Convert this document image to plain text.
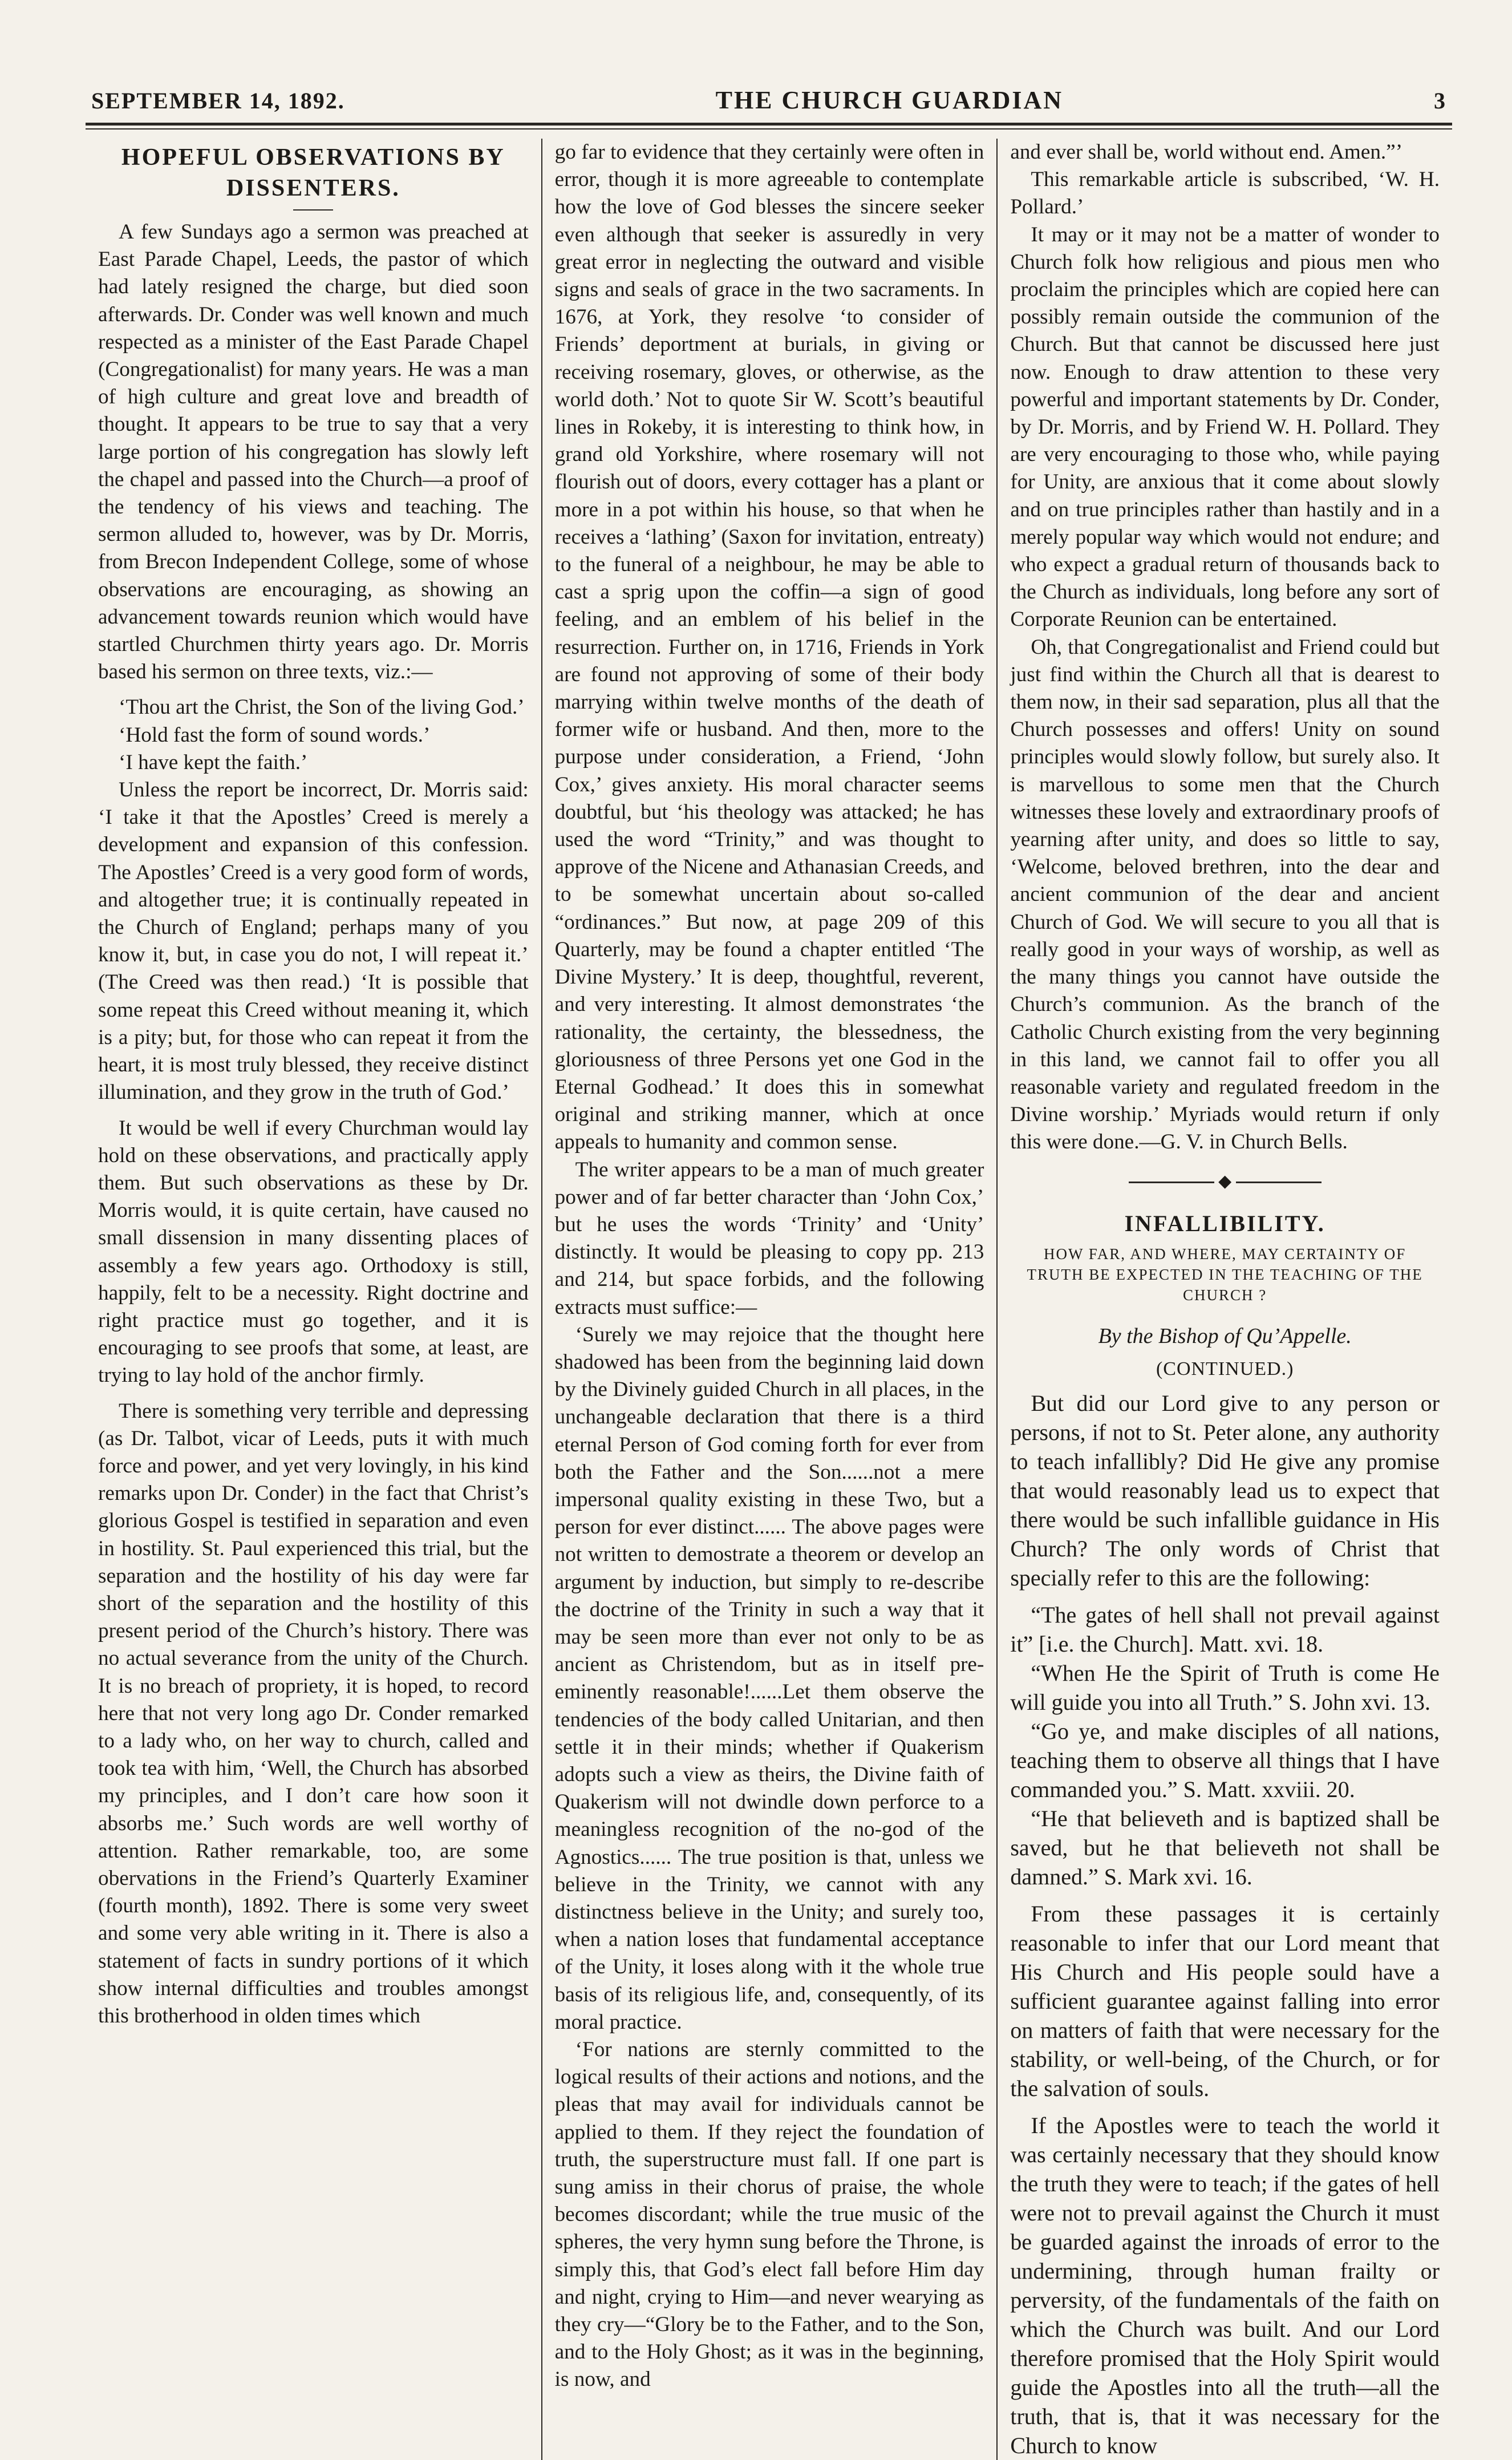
SEPTEMBER 14, 1892.	THE CHURCH GUARDIAN	3
HOPEFUL OBSERVATIONS BY DISSENTERS.

A few Sundays ago a sermon was preached at East Parade Chapel, Leeds, the pastor of which had lately resigned the charge, but died soon afterwards. Dr. Conder was well known and much respected as a minister of the East Parade Chapel (Congregationalist) for many years. He was a man of high culture and great love and breadth of thought. It appears to be true to say that a very large portion of his congregation has slowly left the chapel and passed into the Church—a proof of the tendency of his views and teaching. The sermon alluded to, however, was by Dr. Morris, from Brecon Independent College, some of whose observations are encouraging, as showing an advancement towards reunion which would have startled Churchmen thirty years ago. Dr. Morris based his sermon on three texts, viz.:—

‘Thou art the Christ, the Son of the living God.’

‘Hold fast the form of sound words.’

‘I have kept the faith.’

Unless the report be incorrect, Dr. Morris said: ‘I take it that the Apostles’ Creed is merely a development and expansion of this confession. The Apostles’ Creed is a very good form of words, and altogether true; it is continually repeated in the Church of England; perhaps many of you know it, but, in case you do not, I will repeat it.’ (The Creed was then read.) ‘It is possible that some repeat this Creed without meaning it, which is a pity; but, for those who can repeat it from the heart, it is most truly blessed, they receive distinct illumination, and they grow in the truth of God.’

It would be well if every Churchman would lay hold on these observations, and practically apply them. But such observations as these by Dr. Morris would, it is quite certain, have caused no small dissension in many dissenting places of assembly a few years ago. Orthodoxy is still, happily, felt to be a necessity. Right doctrine and right practice must go together, and it is encouraging to see proofs that some, at least, are trying to lay hold of the anchor firmly.

There is something very terrible and depressing (as Dr. Talbot, vicar of Leeds, puts it with much force and power, and yet very lovingly, in his kind remarks upon Dr. Conder) in the fact that Christ’s glorious Gospel is testified in separation and even in hostility. St. Paul experienced this trial, but the separation and the hostility of his day were far short of the separation and the hostility of this present period of the Church’s history. There was no actual severance from the unity of the Church. It is no breach of propriety, it is hoped, to record here that not very long ago Dr. Conder remarked to a lady who, on her way to church, called and took tea with him, ‘Well, the Church has absorbed my principles, and I don’t care how soon it absorbs me.’ Such words are well worthy of attention. Rather remarkable, too, are some obervations in the Friend’s Quarterly Examiner (fourth month), 1892. There is some very sweet and some very able writing in it. There is also a statement of facts in sundry portions of it which show internal difficulties and troubles amongst this brotherhood in olden times which

go far to evidence that they certainly were often in error, though it is more agreeable to contemplate how the love of God blesses the sincere seeker even although that seeker is assuredly in very great error in neglecting the outward and visible signs and seals of grace in the two sacraments. In 1676, at York, they resolve ‘to consider of Friends’ deportment at burials, in giving or receiving rosemary, gloves, or otherwise, as the world doth.’ Not to quote Sir W. Scott’s beautiful lines in Rokeby, it is interesting to think how, in grand old Yorkshire, where rosemary will not flourish out of doors, every cottager has a plant or more in a pot within his house, so that when he receives a ‘lathing’ (Saxon for invitation, entreaty) to the funeral of a neighbour, he may be able to cast a sprig upon the coffin—a sign of good feeling, and an emblem of his belief in the resurrection. Further on, in 1716, Friends in York are found not approving of some of their body marrying within twelve months of the death of former wife or husband. And then, more to the purpose under consideration, a Friend, ‘John Cox,’ gives anxiety. His moral character seems doubtful, but ‘his theology was attacked; he has used the word “Trinity,” and was thought to approve of the Nicene and Athanasian Creeds, and to be somewhat uncertain about so-called “ordinances.” But now, at page 209 of this Quarterly, may be found a chapter entitled ‘The Divine Mystery.’ It is deep, thoughtful, reverent, and very interesting. It almost demonstrates ‘the rationality, the certainty, the blessedness, the gloriousness of three Persons yet one God in the Eternal Godhead.’ It does this in somewhat original and striking manner, which at once appeals to humanity and common sense.

The writer appears to be a man of much greater power and of far better character than ‘John Cox,’ but he uses the words ‘Trinity’ and ‘Unity’ distinctly. It would be pleasing to copy pp. 213 and 214, but space forbids, and the following extracts must suffice:—

‘Surely we may rejoice that the thought here shadowed has been from the beginning laid down by the Divinely guided Church in all places, in the unchangeable declaration that there is a third eternal Person of God coming forth for ever from both the Father and the Son......not a mere impersonal quality existing in these Two, but a person for ever distinct...... The above pages were not written to demostrate a theorem or develop an argument by induction, but simply to re-describe the doctrine of the Trinity in such a way that it may be seen more than ever not only to be as ancient as Christendom, but as in itself pre-eminently reasonable!......Let them observe the tendencies of the body called Unitarian, and then settle it in their minds; whether if Quakerism adopts such a view as theirs, the Divine faith of Quakerism will not dwindle down perforce to a meaningless recognition of the no-god of the Agnostics...... The true position is that, unless we believe in the Trinity, we cannot with any distinctness believe in the Unity; and surely too, when a nation loses that fundamental acceptance of the Unity, it loses along with it the whole true basis of its religious life, and, consequently, of its moral practice.

‘For nations are sternly committed to the logical results of their actions and notions, and the pleas that may avail for individuals cannot be applied to them. If they reject the foundation of truth, the superstructure must fall. If one part is sung amiss in their chorus of praise, the whole becomes discordant; while the true music of the spheres, the very hymn sung before the Throne, is simply this, that God’s elect fall before Him day and night, crying to Him—and never wearying as they cry—“Glory be to the Father, and to the Son, and to the Holy Ghost; as it was in the beginning, is now, and

and ever shall be, world without end. Amen.”’

This remarkable article is subscribed, ‘W. H. Pollard.’

It may or it may not be a matter of wonder to Church folk how religious and pious men who proclaim the principles which are copied here can possibly remain outside the communion of the Church. But that cannot be discussed here just now. Enough to draw attention to these very powerful and important statements by Dr. Conder, by Dr. Morris, and by Friend W. H. Pollard. They are very encouraging to those who, while paying for Unity, are anxious that it come about slowly and on true principles rather than hastily and in a merely popular way which would not endure; and who expect a gradual return of thousands back to the Church as individuals, long before any sort of Corporate Reunion can be entertained.

Oh, that Congregationalist and Friend could but just find within the Church all that is dearest to them now, in their sad separation, plus all that the Church possesses and offers! Unity on sound principles would slowly follow, but surely also. It is marvellous to some men that the Church witnesses these lovely and extraordinary proofs of yearning after unity, and does so little to say, ‘Welcome, beloved brethren, into the dear and ancient communion of the dear and ancient Church of God. We will secure to you all that is really good in your ways of worship, as well as the many things you cannot have outside the Church’s communion. As the branch of the Catholic Church existing from the very beginning in this land, we cannot fail to offer you all reasonable variety and regulated freedom in the Divine worship.’ Myriads would return if only this were done.—G. V. in Church Bells.

◆
INFALLIBILITY.
HOW FAR, AND WHERE, MAY CERTAINTY OF TRUTH BE EXPECTED IN THE TEACHING OF THE CHURCH ?
By the Bishop of Qu’Appelle.
(CONTINUED.)

But did our Lord give to any person or persons, if not to St. Peter alone, any authority to teach infallibly? Did He give any promise that would reasonably lead us to expect that there would be such infallible guidance in His Church? The only words of Christ that specially refer to this are the following:

“The gates of hell shall not prevail against it” [i.e. the Church]. Matt. xvi. 18.

“When He the Spirit of Truth is come He will guide you into all Truth.” S. John xvi. 13.

“Go ye, and make disciples of all nations, teaching them to observe all things that I have commanded you.” S. Matt. xxviii. 20.

“He that believeth and is baptized shall be saved, but he that believeth not shall be damned.” S. Mark xvi. 16.

From these passages it is certainly reasonable to infer that our Lord meant that His Church and His people sould have a sufficient guarantee against falling into error on matters of faith that were necessary for the stability, or well-being, of the Church, or for the salvation of souls.

If the Apostles were to teach the world it was certainly necessary that they should know the truth they were to teach; if the gates of hell were not to prevail against the Church it must be guarded against the inroads of error to the undermining, through human frailty or perversity, of the fundamentals of the faith on which the Church was built. And our Lord therefore promised that the Holy Spirit would guide the Apostles into all the truth—all the truth, that is, that it was necessary for the Church to know
